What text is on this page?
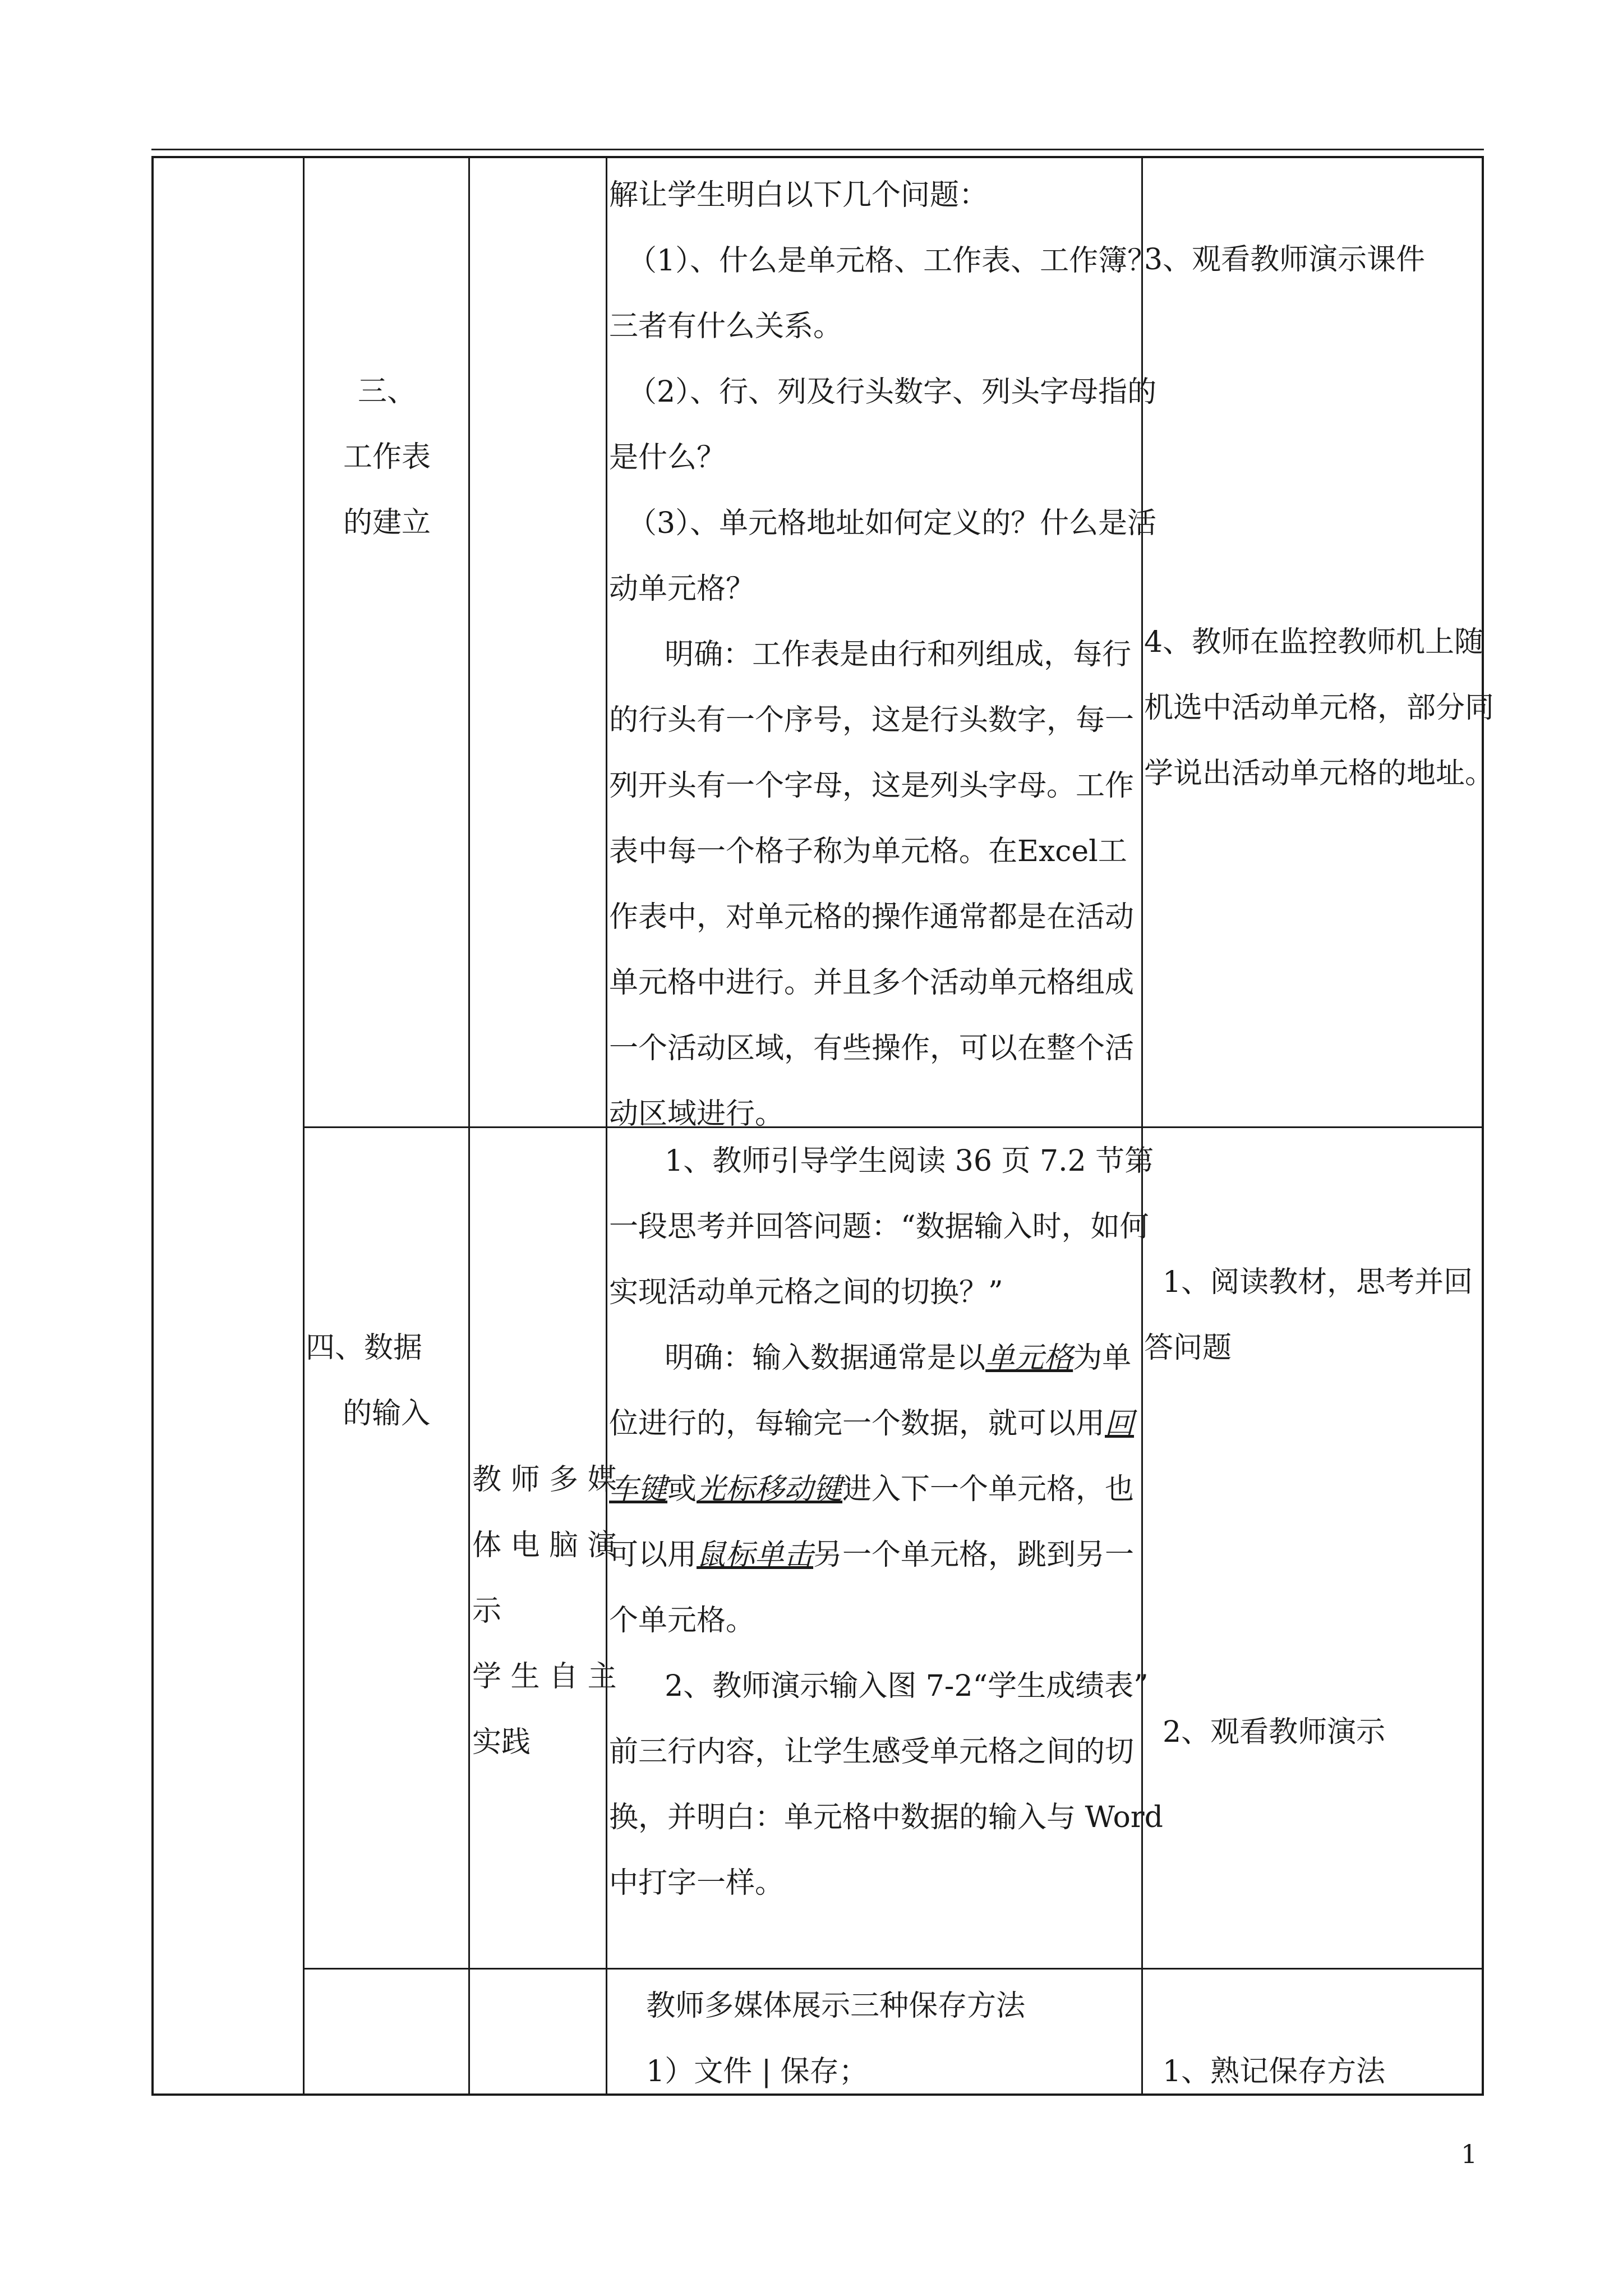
三、

工作表

的建立

解让学生明白以下几个问题：

（1）、什么是单元格、工作表、工作簿？

三者有什么关系。

（2）、行、列及行头数字、列头字母指的

是什么？

（3）、单元格地址如何定义的？什么是活

动单元格？

明确：工作表是由行和列组成，每行

的行头有一个序号，这是行头数字，每一

列开头有一个字母，这是列头字母。工作

表中每一个格子称为单元格。在Excel工

作表中，对单元格的操作通常都是在活动

单元格中进行。并且多个活动单元格组成

一个活动区域，有些操作，可以在整个活

动区域进行。

3、观看教师演示课件

4、教师在监控教师机上随

机选中活动单元格，部分同

学说出活动单元格的地址。

四、数据

的输入

教 师 多 媒

体 电 脑 演

示

学 生 自 主

实践

1、教师引导学生阅读 36 页 7.2 节第

一段思考并回答问题：“数据输入时，如何

实现活动单元格之间的切换？”

明确：输入数据通常是以单元格为单

位进行的，每输完一个数据，就可以用回

车键或光标移动键进入下一个单元格，也

可以用鼠标单击另一个单元格，跳到另一

个单元格。

2、教师演示输入图 7-2“学生成绩表”

前三行内容，让学生感受单元格之间的切

换，并明白：单元格中数据的输入与 Word

中打字一样。

1、阅读教材，思考并回

答问题

2、观看教师演示

教师多媒体展示三种保存方法

1）文件 | 保存；	1、熟记保存方法

1
